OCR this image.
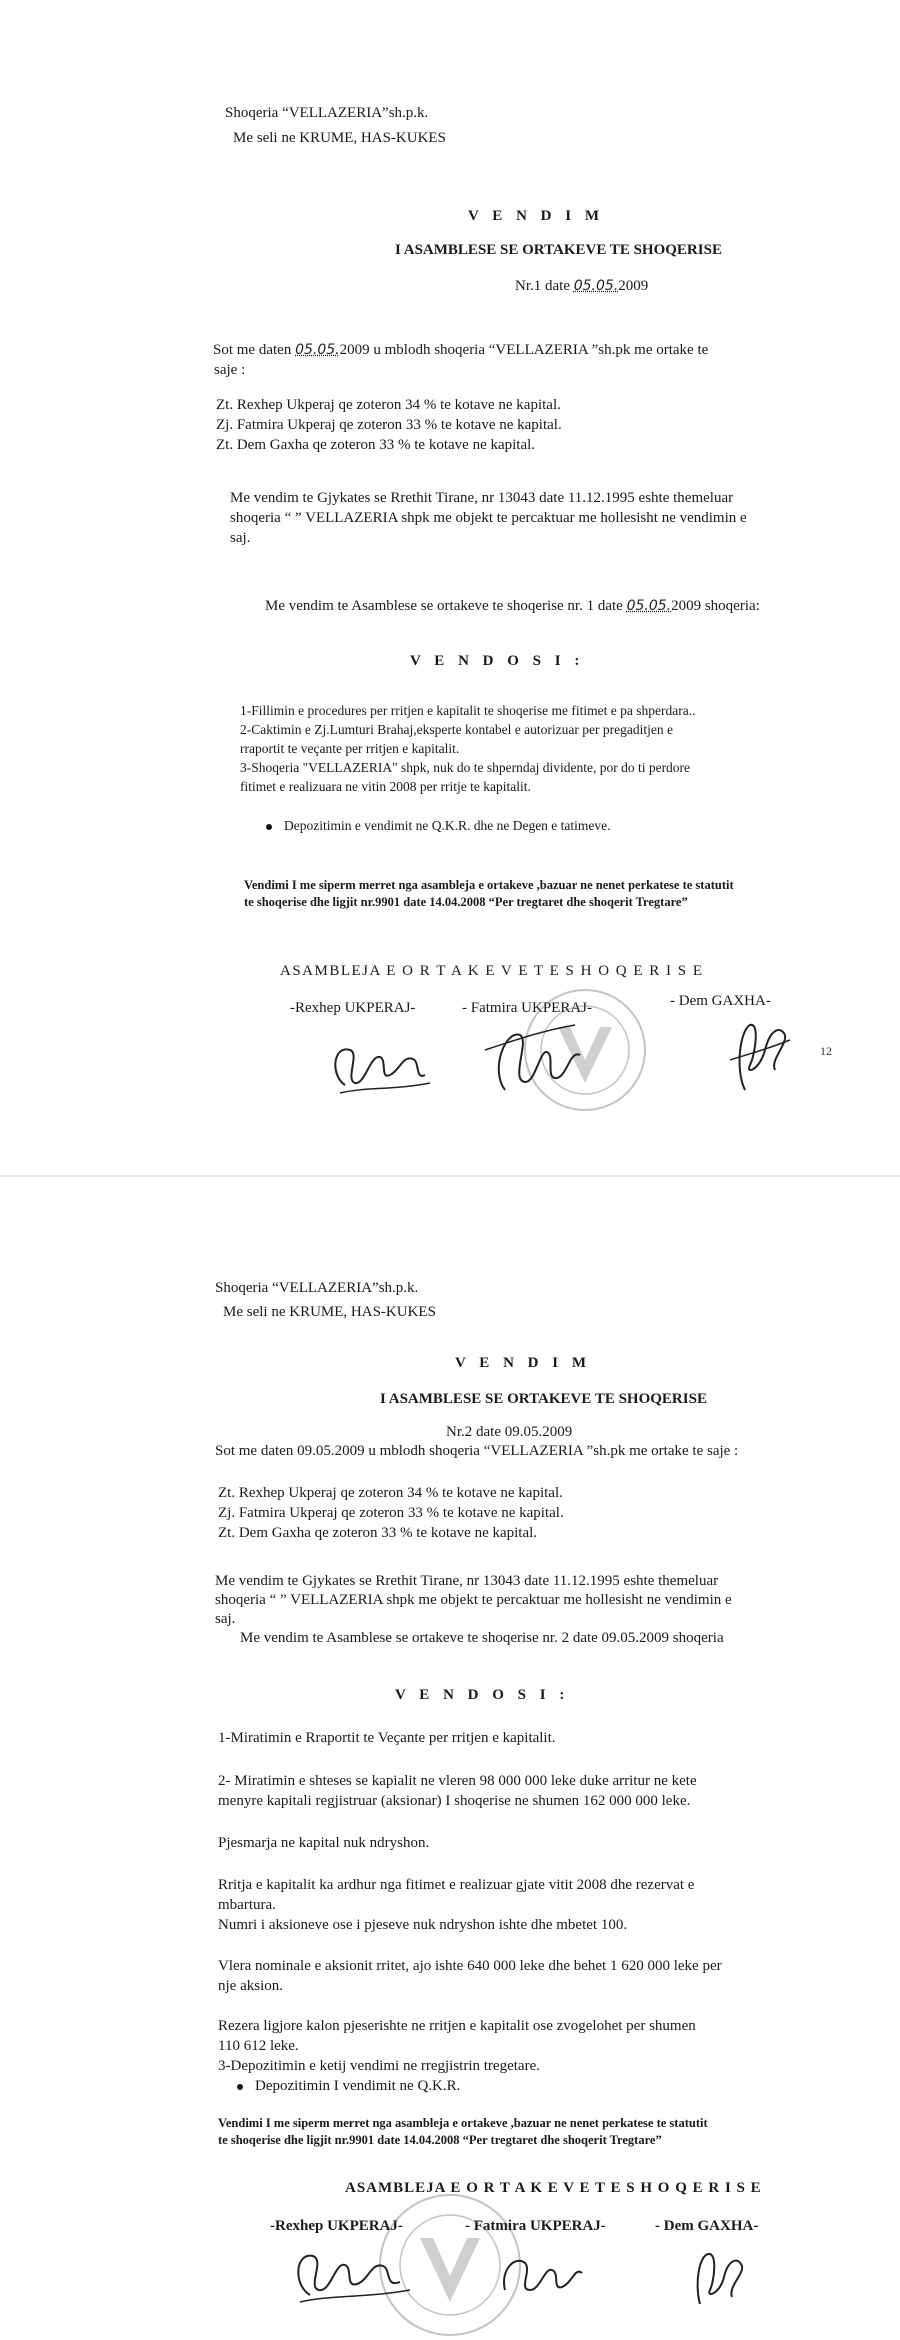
Shoqeria “VELLAZERIA”sh.p.k.
Me seli ne KRUME, HAS-KUKES
V E N D I M
I ASAMBLESE SE ORTAKEVE TE SHOQERISE
Nr.1 date 05.05.2009
Sot me daten 05.05.2009 u mblodh shoqeria “VELLAZERIA ”sh.pk me ortake te
saje :
Zt. Rexhep Ukperaj qe zoteron 34 % te kotave ne kapital.
Zj. Fatmira Ukperaj qe zoteron 33 % te kotave ne kapital.
Zt. Dem Gaxha qe zoteron 33 % te kotave ne kapital.
Me vendim te Gjykates se Rrethit Tirane, nr 13043 date 11.12.1995 eshte themeluar
shoqeria “ ” VELLAZERIA shpk me objekt te percaktuar me hollesisht ne vendimin e
saj.
Me vendim te Asamblese se ortakeve te shoqerise nr. 1 date 05.05.2009 shoqeria:
V E N D O S I :
1-Fillimin e procedures per rritjen e kapitalit te shoqerise me fitimet e pa shperdara..
2-Caktimin e Zj.Lumturi Brahaj,eksperte kontabel e autorizuar per pregaditjen e
rraportit te veçante per rritjen e kapitalit.
3-Shoqeria "VELLAZERIA" shpk, nuk do te shperndaj dividente, por do ti perdore
fitimet e realizuara ne vitin 2008 per rritje te kapitalit.
Depozitimin e vendimit ne Q.K.R. dhe ne Degen e tatimeve.
Vendimi I me siperm merret nga asambleja e ortakeve ,bazuar ne nenet perkatese te statutit
te shoqerise dhe ligjit nr.9901 date 14.04.2008 “Per tregtaret dhe shoqerit Tregtare”
ASAMBLEJA E O R T A K E V E T E S H O Q E R I S E
-Rexhep UKPERAJ-	- Fatmira UKPERAJ-	- Dem GAXHA-
12
Shoqeria “VELLAZERIA”sh.p.k.
Me seli ne KRUME, HAS-KUKES
V E N D I M
I ASAMBLESE SE ORTAKEVE TE SHOQERISE
Nr.2 date 09.05.2009
Sot me daten 09.05.2009 u mblodh shoqeria “VELLAZERIA ”sh.pk me ortake te saje :
Zt. Rexhep Ukperaj qe zoteron 34 % te kotave ne kapital.
Zj. Fatmira Ukperaj qe zoteron 33 % te kotave ne kapital.
Zt. Dem Gaxha qe zoteron 33 % te kotave ne kapital.
Me vendim te Gjykates se Rrethit Tirane, nr 13043 date 11.12.1995 eshte themeluar
shoqeria “ ” VELLAZERIA shpk me objekt te percaktuar me hollesisht ne vendimin e
saj.
Me vendim te Asamblese se ortakeve te shoqerise nr. 2 date 09.05.2009 shoqeria
V E N D O S I :
1-Miratimin e Rraportit te Veçante per rritjen e kapitalit.
2- Miratimin e shteses se kapialit ne vleren 98 000 000 leke duke arritur ne kete
menyre kapitali regjistruar (aksionar) I shoqerise ne shumen 162 000 000 leke.
Pjesmarja ne kapital nuk ndryshon.
Rritja e kapitalit ka ardhur nga fitimet e realizuar gjate vitit 2008 dhe rezervat e
mbartura.
Numri i aksioneve ose i pjeseve nuk ndryshon ishte dhe mbetet 100.
Vlera nominale e aksionit rritet, ajo ishte 640 000 leke dhe behet 1 620 000 leke per
nje aksion.
Rezera ligjore kalon pjeserishte ne rritjen e kapitalit ose zvogelohet per shumen
110 612 leke.
3-Depozitimin e ketij vendimi ne rregjistrin tregetare.
Depozitimin I vendimit ne Q.K.R.
Vendimi I me siperm merret nga asambleja e ortakeve ,bazuar ne nenet perkatese te statutit
te shoqerise dhe ligjit nr.9901 date 14.04.2008 “Per tregtaret dhe shoqerit Tregtare”
ASAMBLEJA E O R T A K E V E T E S H O Q E R I S E
-Rexhep UKPERAJ-	- Fatmira UKPERAJ-	- Dem GAXHA-
